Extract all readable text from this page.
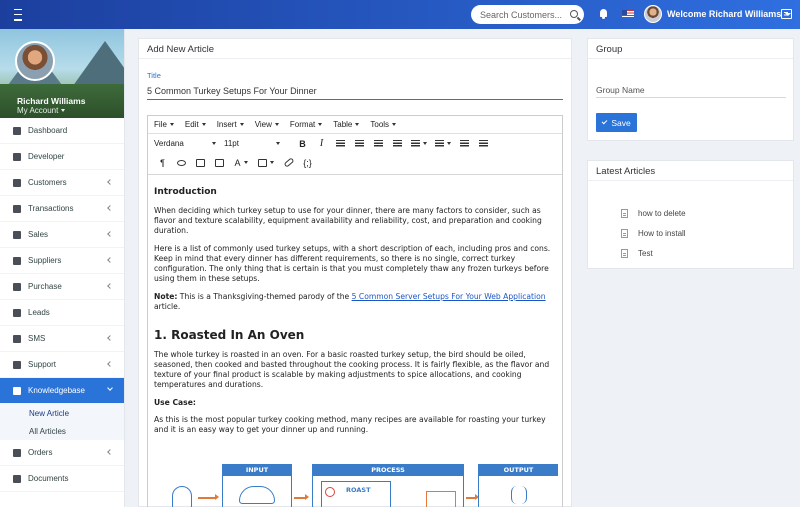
Search Customers...
Welcome Richard Williams
Richard Williams
My Account
Dashboard
Developer
Customers
Transactions
Sales
Suppliers
Purchase
Leads
SMS
Support
Knowledgebase
New Article
All Articles
Orders
Documents
Add New Article
Title
5 Common Turkey Setups For Your Dinner
File Edit Insert View Format Table Tools
Verdana	11pt	B	I
¶	A	{;}
Introduction

When deciding which turkey setup to use for your dinner, there are many factors to consider, such as flavor and texture scalability, equipment availability and reliability, cost, and preparation and cooking duration.

Here is a list of commonly used turkey setups, with a short description of each, including pros and cons. Keep in mind that every dinner has different requirements, so there is no single, correct turkey configuration. The only thing that is certain is that you must completely thaw any frozen turkeys before using them in these setups.

Note: This is a Thanksgiving-themed parody of the 5 Common Server Setups For Your Web Application article.

1. Roasted In An Oven

The whole turkey is roasted in an oven. For a basic roasted turkey setup, the bird should be oiled, seasoned, then cooked and basted throughout the cooking process. It is fairly flexible, as the flavor and texture of your final product is scalable by making adjustments to spice allocations, and cooking temperatures and durations.

Use Case:

As this is the most popular turkey cooking method, many recipes are available for roasting your turkey and it is an easy way to get your dinner up and running.

INPUT	PROCESS
ROAST
OUTPUT
Group
Group Name
Save
Latest Articles
how to delete
How to install
Test
